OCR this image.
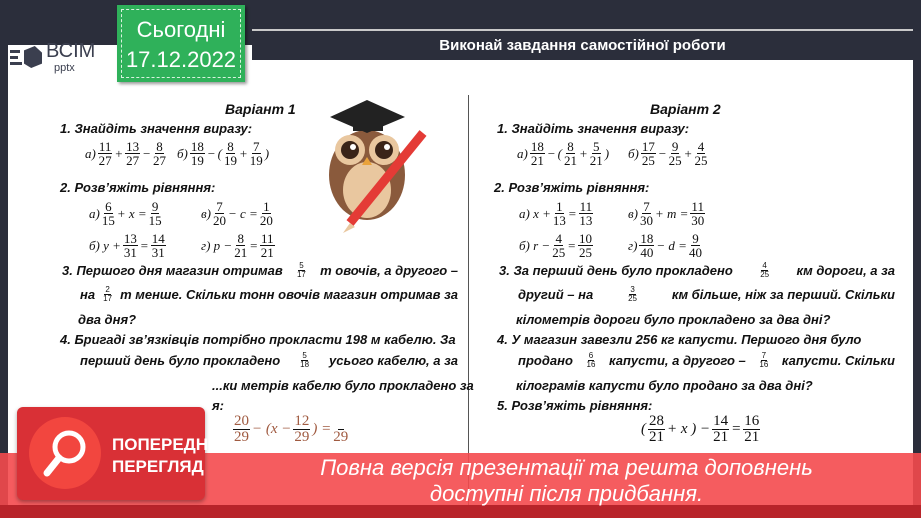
ВСІМ
pptx
Сьогодні
17.12.2022
Виконай завдання самостійної роботи
Варіант 1
1. Знайдіть значення виразу:
$а) \frac{11}{27} + \frac{13}{27} - \frac{8}{27} б) \frac{18}{19}$ − ( $\frac{8}{19} + \frac{7}{19}$ )
2. Розв’яжіть рівняння:
$а) \frac{6}{15} + x = \frac{9}{15}$	$в) \frac{7}{20} - c = \frac{1}{20}$
б) $y + \frac{13}{31} = \frac{14}{31}$	г) $p - \frac{8}{21} = \frac{11}{21}$
3. Першого дня магазин отримав $\frac{5}{17}$ т овочів, а другого –
на $\frac{2}{17}$ т менше. Скільки тонн овочів магазин отримав за
два дня?
4. Бригаді зв’язківців потрібно прокласти 198 м кабелю. За
перший день було прокладено $\frac{5}{18}$ усього кабелю, а за
...ки метрів кабелю було прокладено за
я:
$\frac{20}{29} - (x - \frac{12}{29}$ ) =
29
Варіант 2
1. Знайдіть значення виразу:
$а) \frac{18}{21}$ − ( $\frac{8}{21} + \frac{5}{21}$ ) $б) \frac{17}{25} - \frac{9}{25} + \frac{4}{25}$
2. Розв’яжіть рівняння:
а) $x + \frac{1}{13} = \frac{11}{13}$	$в) \frac{7}{30} + m = \frac{11}{30}$
б) $r - \frac{4}{25} = \frac{10}{25}$	$г) \frac{18}{40} - d = \frac{9}{40}$
3. За перший день було прокладено	$\frac{4}{25}$ км дороги, а за
другий – на	$\frac{3}{25}$	км більше, ніж за перший. Скільки
кілометрів дороги було прокладено за два дні?
4. У магазин завезли 256 кг капусти. Першого дня було
продано $\frac{6}{16}$ капусти, а другого – $\frac{7}{16}$ капусти. Скільки
кілограмів капусти було продано за два дні?
5. Розв’яжіть рівняння:
( $\frac{28}{21} + x$ ) − $\frac{14}{21} = \frac{16}{21}$
Повна версія презентації та решта доповнень
доступні після придбання.
ПОПЕРЕДНІЙ
ПЕРЕГЛЯД
